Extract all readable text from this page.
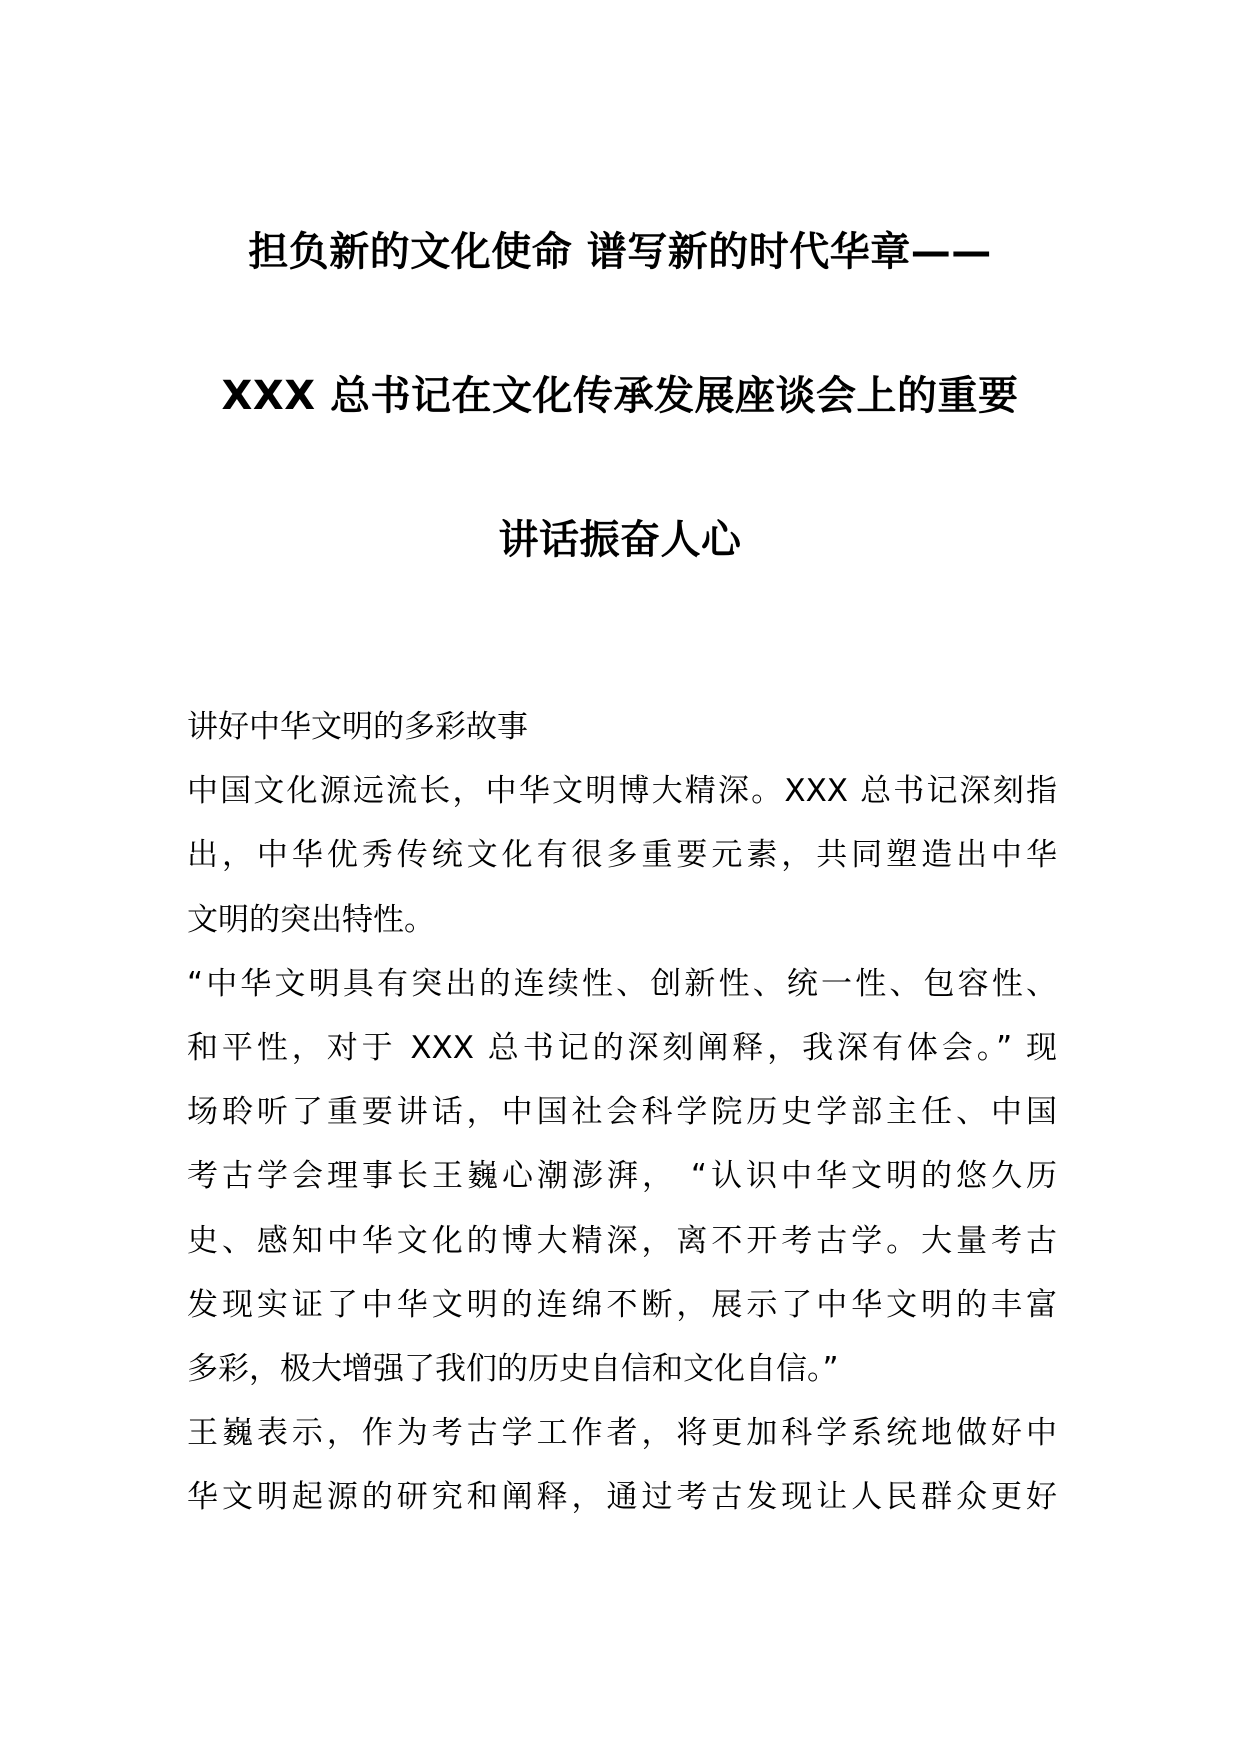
担负新的文化使命 谱写新的时代华章——
XXX 总书记在文化传承发展座谈会上的重要
讲话振奋人心
讲好中华文明的多彩故事
中国文化源远流长，中华文明博大精深。XXX 总书记深刻指
出，中华优秀传统文化有很多重要元素，共同塑造出中华
文明的突出特性。
“中华文明具有突出的连续性、创新性、统一性、包容性、
和平性，对于 XXX 总书记的深刻阐释，我深有体会。” 现
场聆听了重要讲话，中国社会科学院历史学部主任、中国
考古学会理事长王巍心潮澎湃， “认识中华文明的悠久历
史、感知中华文化的博大精深，离不开考古学。大量考古
发现实证了中华文明的连绵不断，展示了中华文明的丰富
多彩，极大增强了我们的历史自信和文化自信。”
王巍表示，作为考古学工作者，将更加科学系统地做好中
华文明起源的研究和阐释，通过考古发现让人民群众更好
